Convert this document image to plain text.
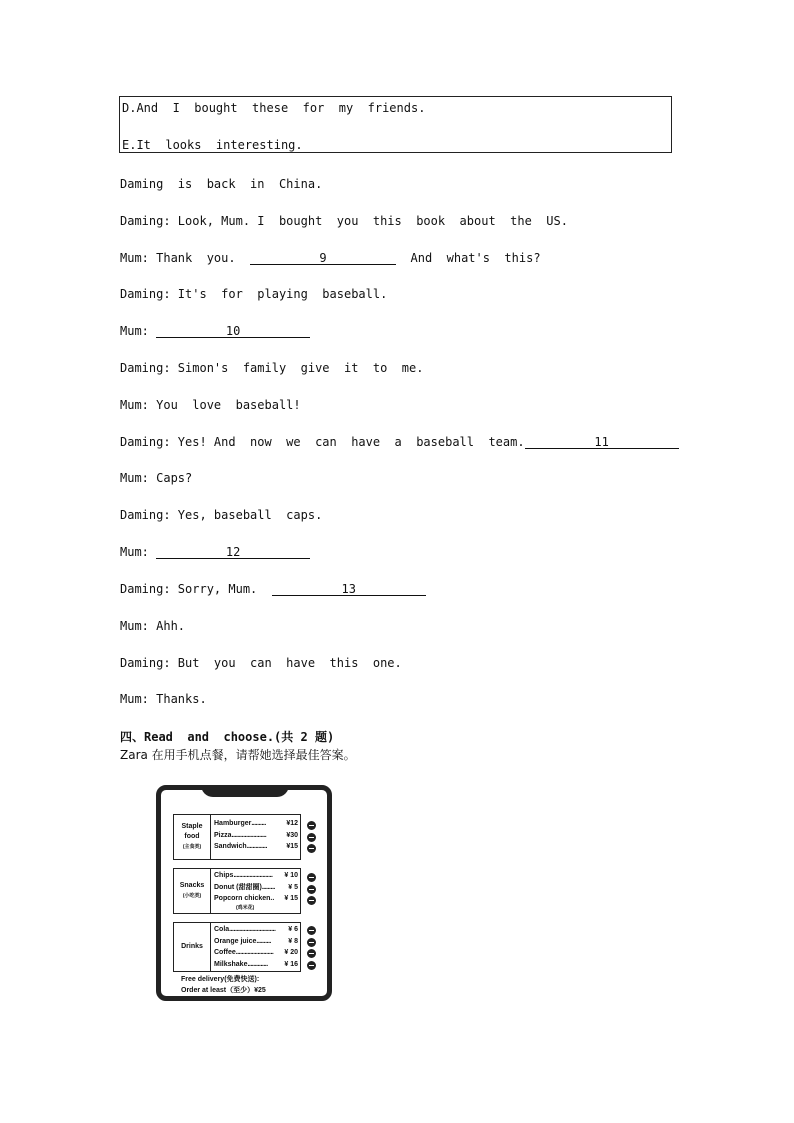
D.And  I  bought  these  for  my  friends.
E.It  looks  interesting.
Daming  is  back  in  China.
Daming: Look, Mum. I  bought  you  this  book  about  the  US.
Mum: Thank  you.	9	And  what's  this?
Daming: It's  for  playing  baseball.
Mum:	10
Daming: Simon's  family  give  it  to  me.
Mum: You  love  baseball!
Daming: Yes! And  now  we  can  have  a  baseball  team.	11
Mum: Caps?
Daming: Yes, baseball  caps.
Mum:	12
Daming: Sorry, Mum.	13
Mum: Ahh.
Daming: But  you  can  have  this  one.
Mum: Thanks.
四、Read  and  choose.(共 2 题)
Zara 在用手机点餐，请帮她选择最佳答案。
Staple food
(主食类)
Hamburger ..........	¥12
Pizza ........................	¥30
Sandwich ..............	¥15
Snacks
(小吃类)
Chips ...........................	¥ 10
Donut (甜甜圈) .........	¥ 5
Popcorn chicken.. ¥ 15
(鸡米花)
Drinks
Cola ................................	¥ 6
Orange juice ..........	¥ 8
Coffee ..........................	¥ 20
Milkshake ..............	¥ 16
Free delivery(免费快送):
Order at least（至少）¥25
